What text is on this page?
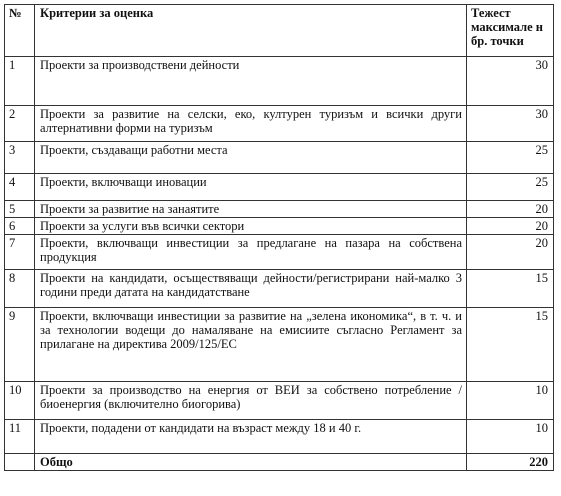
№	Критерии за оценка	Тежест максимале н бр. точки
1	Проекти за производствени дейности	30
2	Проекти за развитие на селски, еко, културен туризъм и всички други алтернативни форми на туризъм	30
3	Проекти, създаващи работни места	25
4	Проекти, включващи иновации	25
5	Проекти за развитие на занаятите	20
6	Проекти за услуги във всички сектори	20
7	Проекти, включващи инвестиции за предлагане на пазара на собствена продукция	20
8	Проекти на кандидати, осъществяващи дейности/регистрирани най-малко 3 години преди датата на кандидатстване	15
9	Проекти, включващи инвестиции за развитие на „зелена икономика“, в т. ч. и за технологии водещи до намаляване на емисиите съгласно Регламент за прилагане на директива 2009/125/ЕС	15
10	Проекти за производство на енергия от ВЕИ за собствено потребление / биоенергия (включително биогорива)	10
11	Проекти, подадени от кандидати на възраст между 18 и 40 г.	10
	Общо	220
